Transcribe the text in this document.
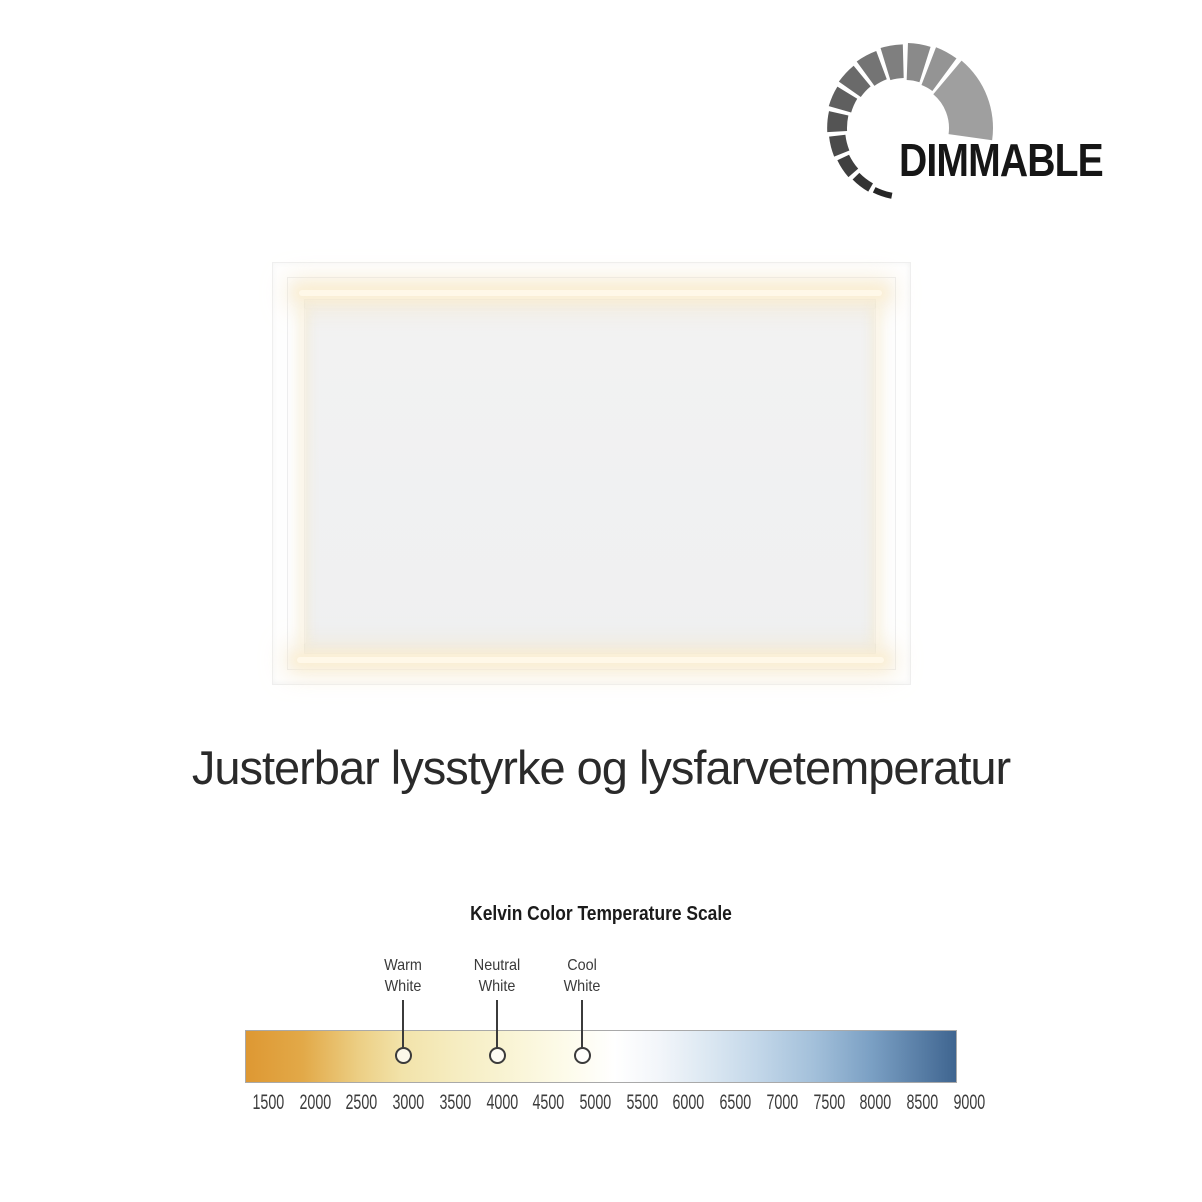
DIMMABLE
Justerbar lysstyrke og lysfarvetemperatur
Kelvin Color Temperature Scale
Warm
White
Neutral
White
Cool
White
1500 2000 2500 3000 3500 4000 4500 5000 5500 6000 6500 7000 7500 8000 8500 9000
